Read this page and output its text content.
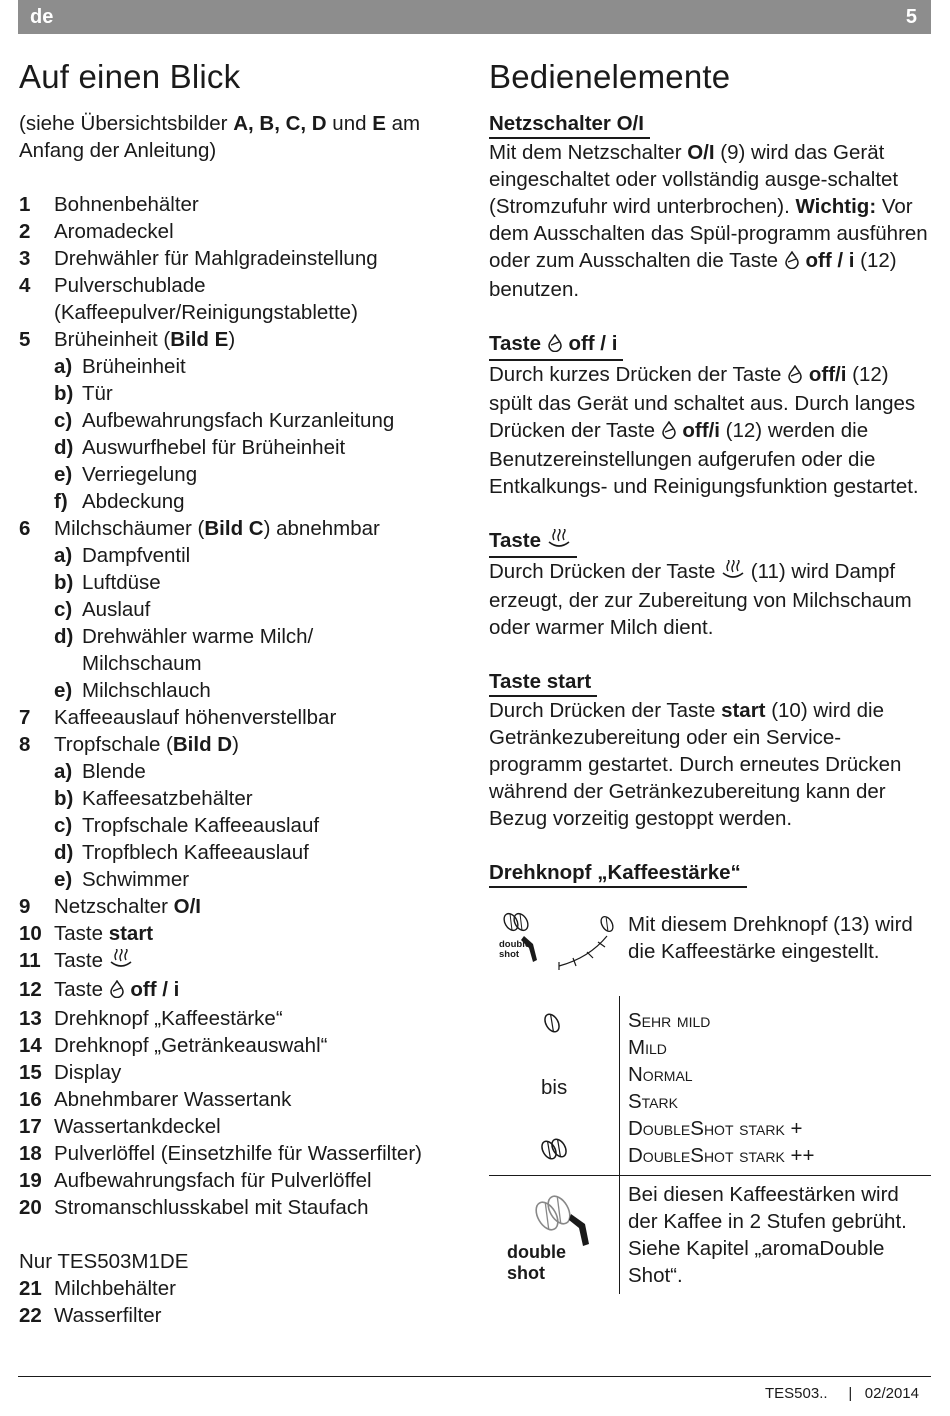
de	5
Auf einen Blick

(siehe Übersichtsbilder A, B, C, D und E am Anfang der Anleitung)

1 Bohnenbehälter
2 Aromadeckel
3 Drehwähler für Mahlgradeinstellung
4 Pulverschublade
(Kaffeepulver/Reinigungstablette)
5 Brüheinheit (Bild E)
a) Brüheinheit
b) Tür
c) Aufbewahrungsfach Kurzanleitung
d) Auswurfhebel für Brüheinheit
e) Verriegelung
f) Abdeckung
6 Milchschäumer (Bild C) abnehmbar
a) Dampfventil
b) Luftdüse
c) Auslauf
d) Drehwähler warme Milch/
Milchschaum
e) Milchschlauch
7 Kaffeeauslauf höhenverstellbar
8 Tropfschale (Bild D)
a) Blende
b) Kaffeesatzbehälter
c) Tropfschale Kaffeeauslauf
d) Tropfblech Kaffeeauslauf
e) Schwimmer
9 Netzschalter O/I
10 Taste start
11 Taste
12 Taste  off / i
13 Drehknopf „Kaffeestärke“
14 Drehknopf „Getränkeauswahl“
15 Display
16 Abnehmbarer Wassertank
17 Wassertankdeckel
18 Pulverlöffel (Einsetzhilfe für Wasserfilter)
19 Aufbewahrungsfach für Pulverlöffel
20 Stromanschlusskabel mit Staufach
Nur TES503M1DE
21 Milchbehälter
22 Wasserfilter
Bedienelemente
Netzschalter O/I

Mit dem Netzschalter O/I (9) wird das Gerät eingeschaltet oder vollständig ausge-schaltet (Stromzufuhr wird unterbrochen). Wichtig: Vor dem Ausschalten das Spül-programm ausführen oder zum Ausschalten die Taste  off / i (12) benutzen.

Taste off / i

Durch kurzes Drücken der Taste  off/i (12) spült das Gerät und schaltet aus. Durch langes Drücken der Taste  off/i (12) werden die Benutzereinstellungen aufgerufen oder die Entkalkungs- und Reinigungsfunktion gestartet.

Taste

Durch Drücken der Taste  (11) wird Dampf erzeugt, der zur Zubereitung von Milchschaum oder warmer Milch dient.

Taste start

Durch Drücken der Taste start (10) wird die Getränkezubereitung oder ein Service-programm gestartet. Durch erneutes Drücken während der Getränkezubereitung kann der Bezug vorzeitig gestoppt werden.

Drehknopf „Kaffeestärke“
double shot
Mit diesem Drehknopf (13) wird die Kaffeestärke eingestellt.
bis
Sehr mild
Mild
Normal
Stark
DoubleShot stark +
DoubleShot stark ++
double
shot
Bei diesen Kaffeestärken wird der Kaffee in 2 Stufen gebrüht. Siehe Kapitel „aromaDouble Shot“.
TES503..     |   02/2014
